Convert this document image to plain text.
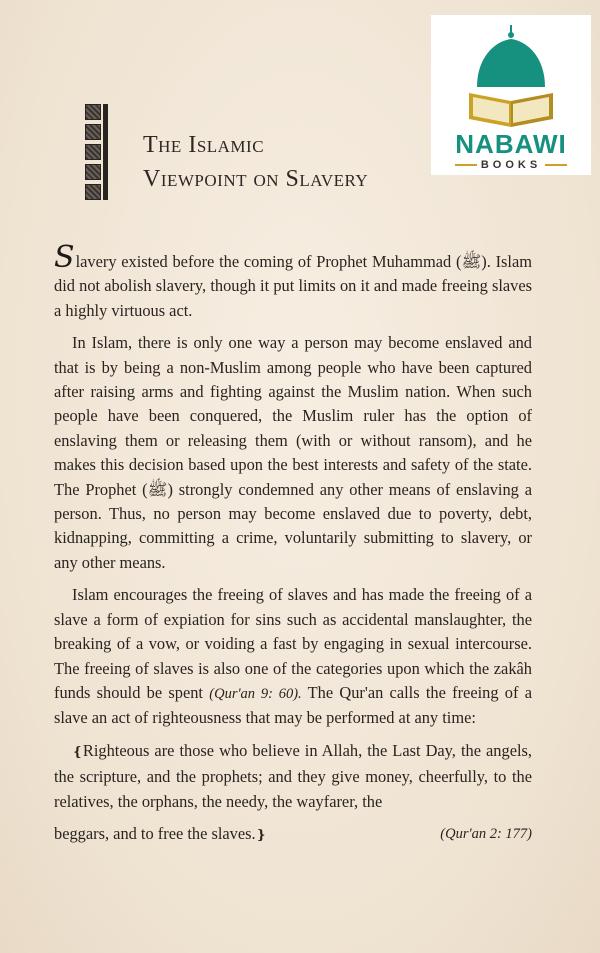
The Islamic
Viewpoint on Slavery
NABAWI
BOOKS

Slavery existed before the coming of Prophet Muhammad (ﷺ). Islam did not abolish slavery, though it put limits on it and made freeing slaves a highly virtuous act.

In Islam, there is only one way a person may become enslaved and that is by being a non-Muslim among people who have been captured after raising arms and fighting against the Muslim nation. When such people have been conquered, the Muslim ruler has the option of enslaving them or releasing them (with or without ransom), and he makes this decision based upon the best interests and safety of the state. The Prophet (ﷺ) strongly condemned any other means of enslaving a person. Thus, no person may become enslaved due to poverty, debt, kidnapping, committing a crime, voluntarily submitting to slavery, or any other means.

Islam encourages the freeing of slaves and has made the freeing of a slave a form of expiation for sins such as accidental manslaughter, the breaking of a vow, or voiding a fast by engaging in sexual intercourse. The freeing of slaves is also one of the categories upon which the zakâh funds should be spent (Qur'an 9: 60). The Qur'an calls the freeing of a slave an act of righteousness that may be performed at any time:

❴Righteous are those who believe in Allah, the Last Day, the angels, the scripture, and the prophets; and they give money, cheerfully, to the relatives, the orphans, the needy, the wayfarer, the

beggars, and to free the slaves.❵	(Qur'an 2: 177)
